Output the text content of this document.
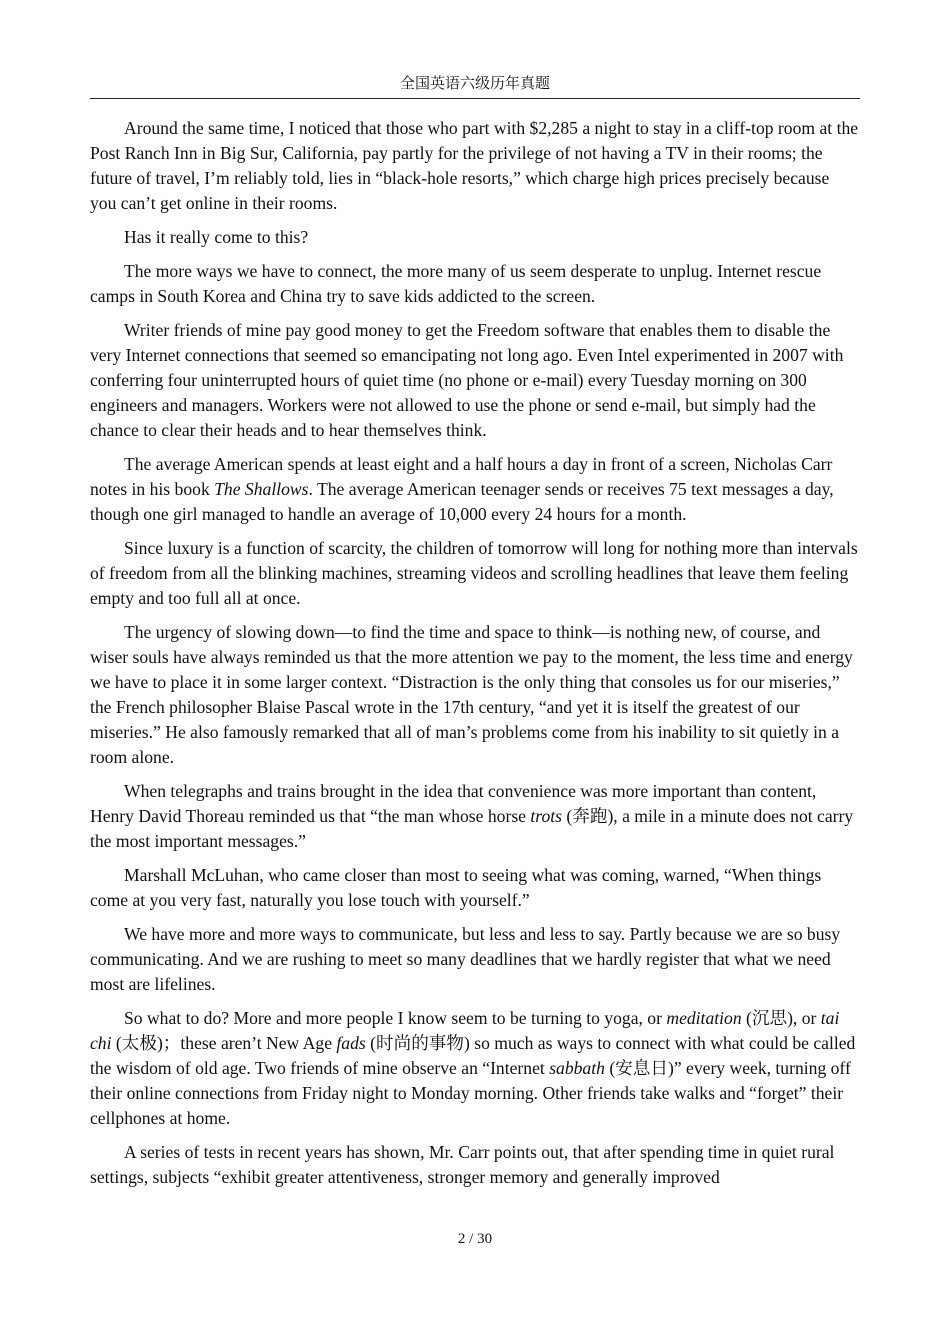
全国英语六级历年真题

Around the same time, I noticed that those who part with $2,285 a night to stay in a cliff-top room at the Post Ranch Inn in Big Sur, California, pay partly for the privilege of not having a TV in their rooms; the future of travel, I’m reliably told, lies in “black-hole resorts,” which charge high prices precisely because you can’t get online in their rooms.

Has it really come to this?

The more ways we have to connect, the more many of us seem desperate to unplug. Internet rescue camps in South Korea and China try to save kids addicted to the screen.

Writer friends of mine pay good money to get the Freedom software that enables them to disable the very Internet connections that seemed so emancipating not long ago. Even Intel experimented in 2007 with conferring four uninterrupted hours of quiet time (no phone or e-mail) every Tuesday morning on 300 engineers and managers. Workers were not allowed to use the phone or send e-mail, but simply had the chance to clear their heads and to hear themselves think.

The average American spends at least eight and a half hours a day in front of a screen, Nicholas Carr notes in his book The Shallows. The average American teenager sends or receives 75 text messages a day, though one girl managed to handle an average of 10,000 every 24 hours for a month.

Since luxury is a function of scarcity, the children of tomorrow will long for nothing more than intervals of freedom from all the blinking machines, streaming videos and scrolling headlines that leave them feeling empty and too full all at once.

The urgency of slowing down—to find the time and space to think—is nothing new, of course, and wiser souls have always reminded us that the more attention we pay to the moment, the less time and energy we have to place it in some larger context. “Distraction is the only thing that consoles us for our miseries,” the French philosopher Blaise Pascal wrote in the 17th century, “and yet it is itself the greatest of our miseries.” He also famously remarked that all of man’s problems come from his inability to sit quietly in a room alone.

When telegraphs and trains brought in the idea that convenience was more important than content, Henry David Thoreau reminded us that “the man whose horse trots (奔跑), a mile in a minute does not carry the most important messages.”

Marshall McLuhan, who came closer than most to seeing what was coming, warned, “When things come at you very fast, naturally you lose touch with yourself.”

We have more and more ways to communicate, but less and less to say. Partly because we are so busy communicating. And we are rushing to meet so many deadlines that we hardly register that what we need most are lifelines.

So what to do? More and more people I know seem to be turning to yoga, or meditation (沉思), or tai chi (太极)；these aren’t New Age fads (时尚的事物) so much as ways to connect with what could be called the wisdom of old age. Two friends of mine observe an “Internet sabbath (安息日)” every week, turning off their online connections from Friday night to Monday morning. Other friends take walks and “forget” their cellphones at home.

A series of tests in recent years has shown, Mr. Carr points out, that after spending time in quiet rural settings, subjects “exhibit greater attentiveness, stronger memory and generally improved

2 / 30
